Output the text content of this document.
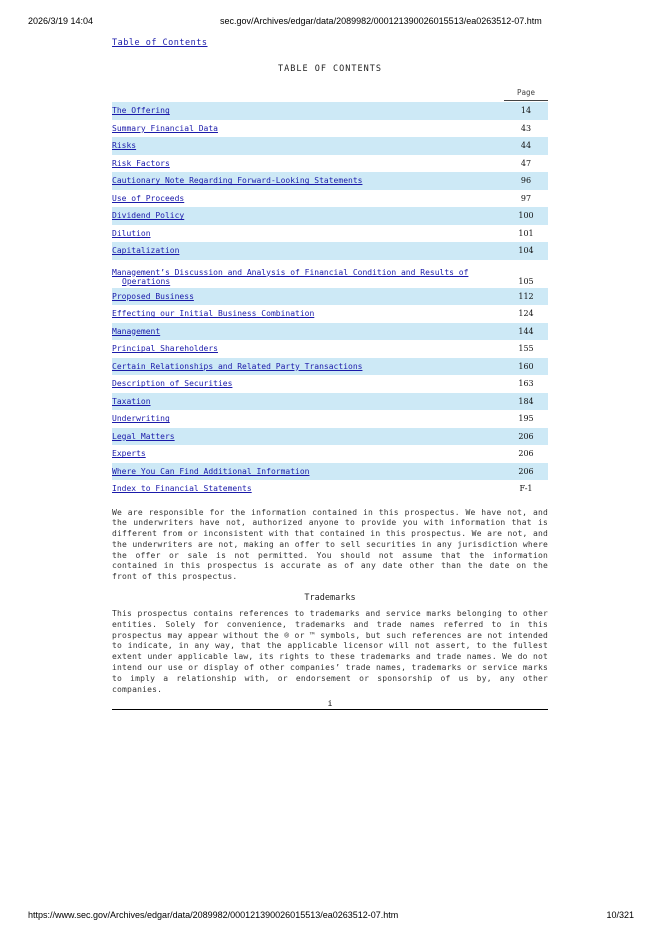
2026/3/19 14:04	sec.gov/Archives/edgar/data/2089982/000121390026015513/ea0263512-07.htm
Table of Contents
TABLE OF CONTENTS
Page
The Offering	14
Summary Financial Data	43
Risks	44
Risk Factors	47
Cautionary Note Regarding Forward-Looking Statements	96
Use of Proceeds	97
Dividend Policy	100
Dilution	101
Capitalization	104
Management’s Discussion and Analysis of Financial Condition and Results of
Operations	105
Proposed Business	112
Effecting our Initial Business Combination	124
Management	144
Principal Shareholders	155
Certain Relationships and Related Party Transactions	160
Description of Securities	163
Taxation	184
Underwriting	195
Legal Matters	206
Experts	206
Where You Can Find Additional Information	206
Index to Financial Statements	F-1
We are responsible for the information contained in this prospectus. We have not, and the underwriters have not, authorized anyone to provide you with information that is different from or inconsistent with that contained in this prospectus. We are not, and the underwriters are not, making an offer to sell securities in any jurisdiction where the offer or sale is not permitted. You should not assume that the information contained in this prospectus is accurate as of any date other than the date on the front of this prospectus.
Trademarks
This prospectus contains references to trademarks and service marks belonging to other entities. Solely for convenience, trademarks and trade names referred to in this prospectus may appear without the ® or ™ symbols, but such references are not intended to indicate, in any way, that the applicable licensor will not assert, to the fullest extent under applicable law, its rights to these trademarks and trade names. We do not intend our use or display of other companies’ trade names, trademarks or service marks to imply a relationship with, or endorsement or sponsorship of us by, any other companies.
i
https://www.sec.gov/Archives/edgar/data/2089982/000121390026015513/ea0263512-07.htm	10/321
